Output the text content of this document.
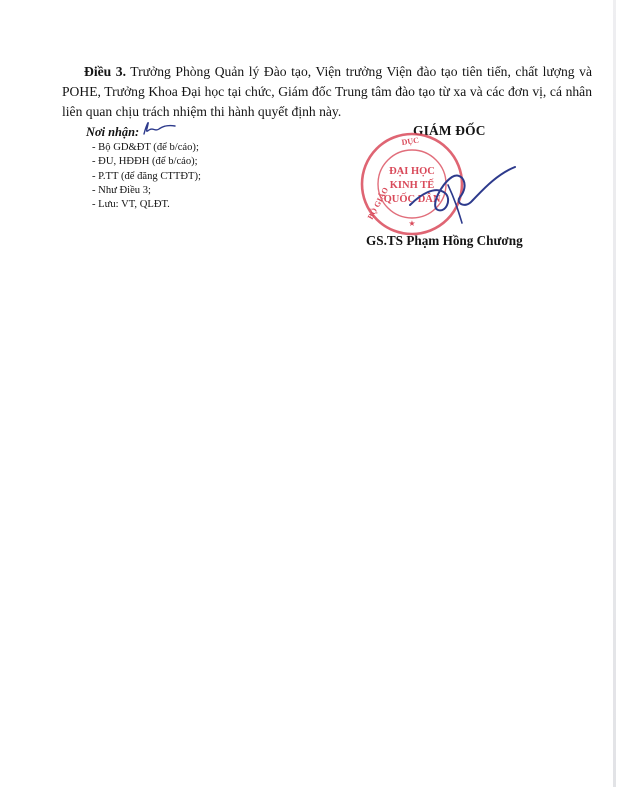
Điều 3. Trưởng Phòng Quản lý Đào tạo, Viện trưởng Viện đào tạo tiên tiến, chất lượng và POHE, Trưởng Khoa Đại học tại chức, Giám đốc Trung tâm đào tạo từ xa và các đơn vị, cá nhân liên quan chịu trách nhiệm thi hành quyết định này.

Nơi nhận:
- Bộ GD&ĐT (để b/cáo);
- ĐU, HĐĐH (để b/cáo);
- P.TT (để đăng CTTĐT);
- Như Điều 3;
- Lưu: VT, QLĐT.
GIÁM ĐỐC
BỘ GIÁO
DỤC
ĐẠI HỌC
KINH TẾ
QUỐC DÂN
★
GS.TS Phạm Hồng Chương
